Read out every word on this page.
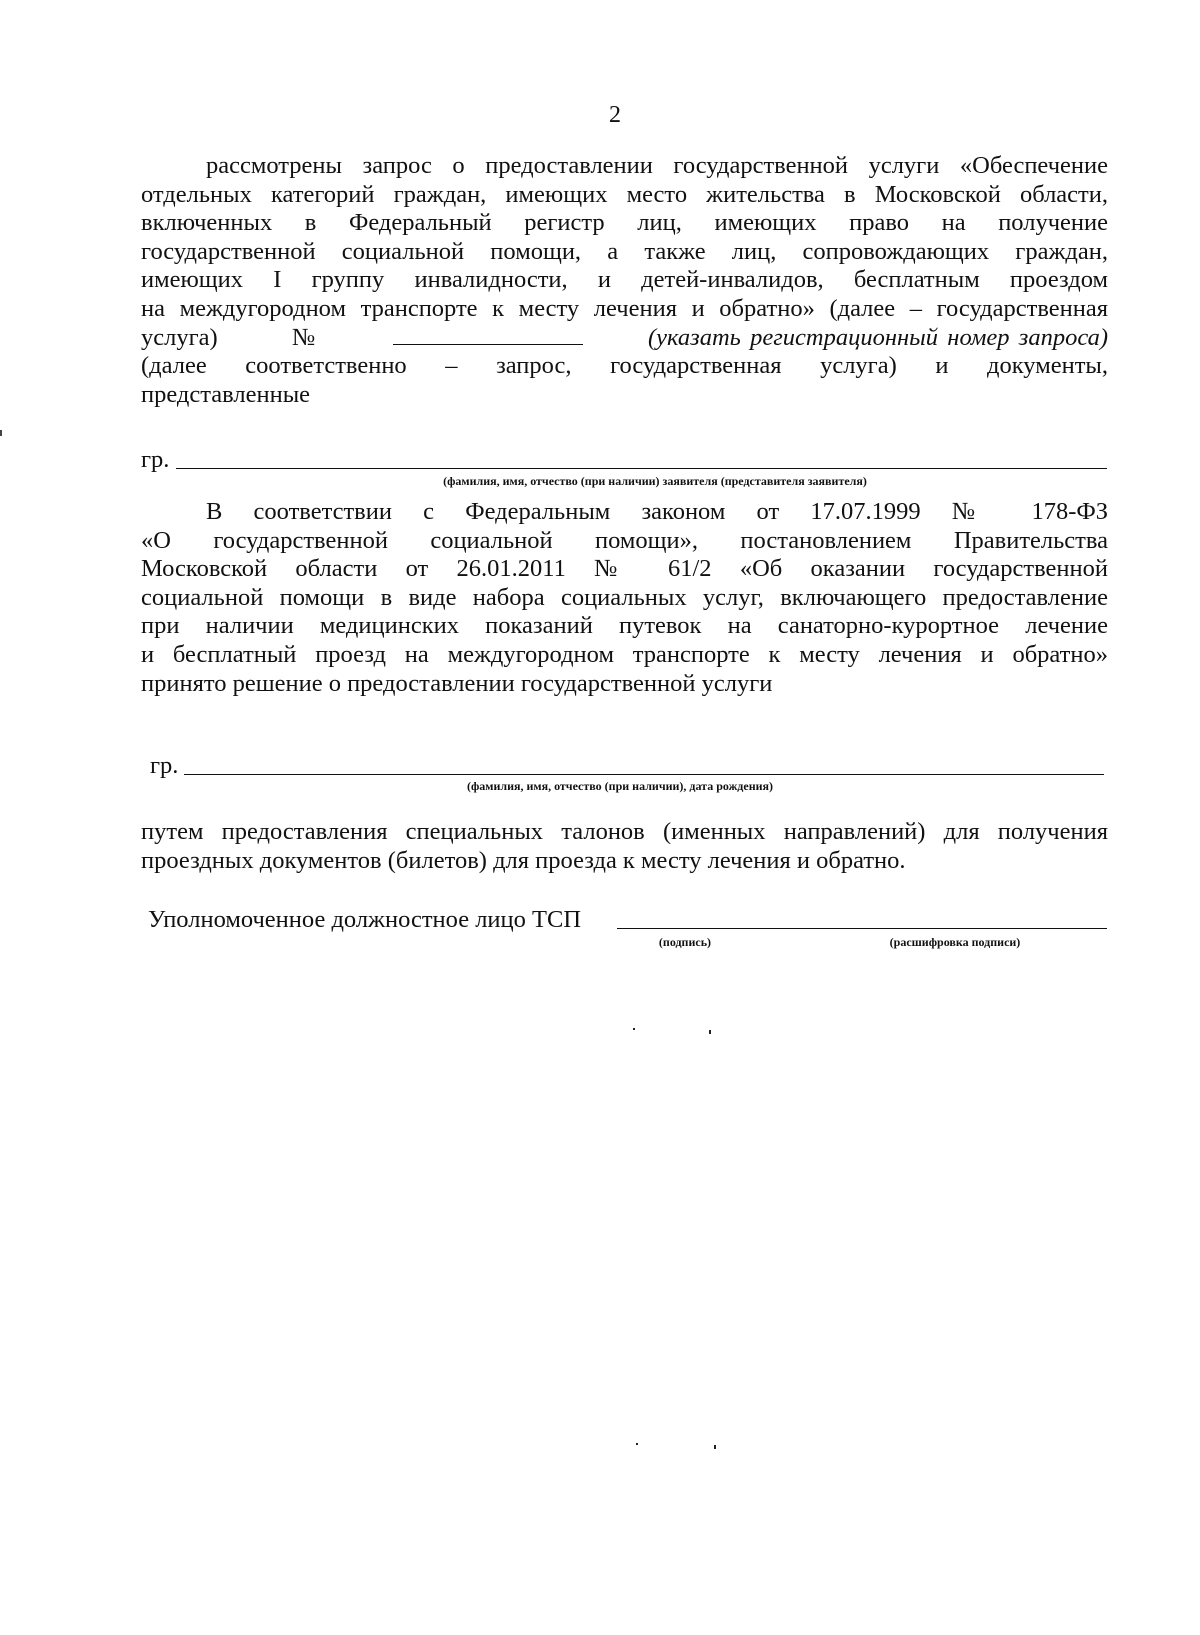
2
рассмотрены запрос о предоставлении государственной услуги «Обеспечение
отдельных категорий граждан, имеющих место жительства в Московской области,
включенных в Федеральный регистр лиц, имеющих право на получение
государственной социальной помощи, а также лиц, сопровождающих граждан,
имеющих I группу инвалидности, и детей-инвалидов, бесплатным проездом
на междугородном транспорте к месту лечения и обратно» (далее – государственная
услуга)	№	(указать регистрационный номер запроса)
(далее соответственно – запрос, государственная услуга) и документы,
представленные
гр.
(фамилия, имя, отчество (при наличии) заявителя (представителя заявителя)
В соответствии с Федеральным законом от 17.07.1999 № 178-ФЗ
«О государственной социальной помощи», постановлением Правительства
Московской области от 26.01.2011 № 61/2 «Об оказании государственной
социальной помощи в виде набора социальных услуг, включающего предоставление
при наличии медицинских показаний путевок на санаторно-курортное лечение
и бесплатный проезд на междугородном транспорте к месту лечения и обратно»
принято решение о предоставлении государственной услуги
гр.
(фамилия, имя, отчество (при наличии), дата рождения)
путем предоставления специальных талонов (именных направлений) для получения
проездных документов (билетов) для проезда к месту лечения и обратно.
Уполномоченное должностное лицо ТСП
(подпись)	(расшифровка подписи)
